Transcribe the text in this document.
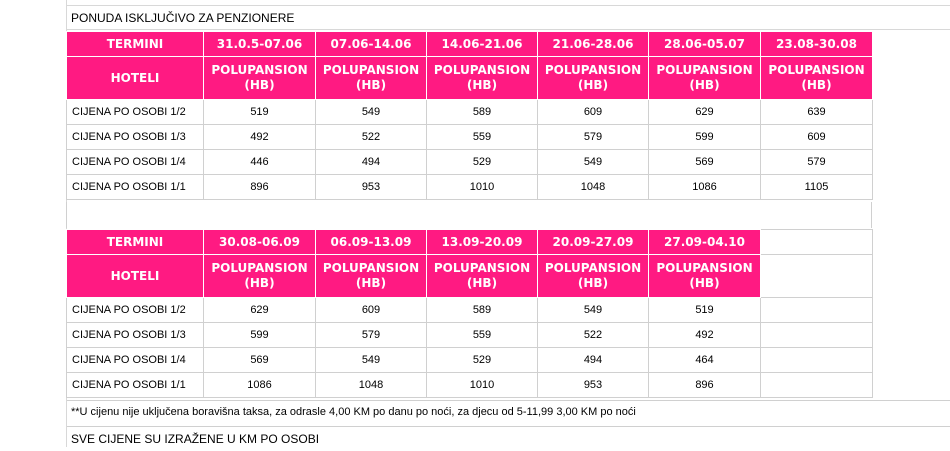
PONUDA ISKLJUČIVO ZA PENZIONERE
TERMINI	31.0.5-07.06	07.06-14.06	14.06-21.06	21.06-28.06	28.06-05.07	23.08-30.08
HOTELI	POLUPANSION (HB)	POLUPANSION (HB)	POLUPANSION (HB)	POLUPANSION (HB)	POLUPANSION (HB)	POLUPANSION (HB)
CIJENA PO OSOBI 1/2	519	549	589	609	629	639
CIJENA PO OSOBI 1/3	492	522	559	579	599	609
CIJENA PO OSOBI 1/4	446	494	529	549	569	579
CIJENA PO OSOBI 1/1	896	953	1010	1048	1086	1105
TERMINI	30.08-06.09	06.09-13.09	13.09-20.09	20.09-27.09	27.09-04.10	
HOTELI	POLUPANSION (HB)	POLUPANSION (HB)	POLUPANSION (HB)	POLUPANSION (HB)	POLUPANSION (HB)	
CIJENA PO OSOBI 1/2	629	609	589	549	519	
CIJENA PO OSOBI 1/3	599	579	559	522	492	
CIJENA PO OSOBI 1/4	569	549	529	494	464	
CIJENA PO OSOBI 1/1	1086	1048	1010	953	896	
**U cijenu nije uključena boravišna taksa, za odrasle 4,00 KM po danu po noći, za djecu od 5-11,99 3,00 KM po noći
SVE CIJENE SU IZRAŽENE U KM PO OSOBI
